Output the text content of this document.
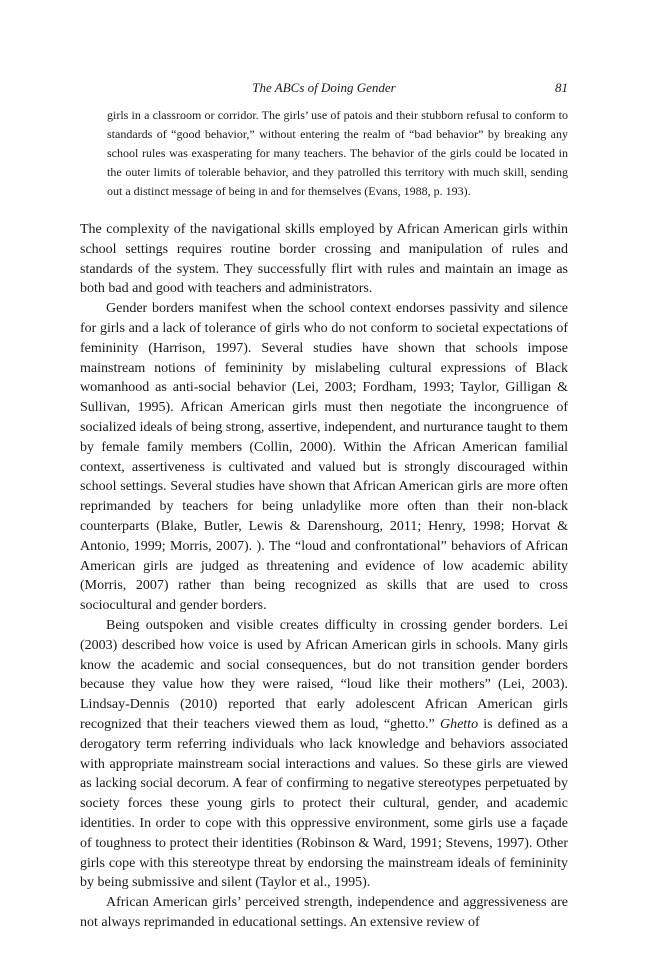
The ABCs of Doing Gender	81
girls in a classroom or corridor. The girls’ use of patois and their stubborn refusal to conform to standards of “good behavior,” without entering the realm of “bad behavior” by breaking any school rules was exasperating for many teachers. The behavior of the girls could be located in the outer limits of tolerable behavior, and they patrolled this territory with much skill, sending out a distinct message of being in and for themselves (Evans, 1988, p. 193).

The complexity of the navigational skills employed by African American girls within school settings requires routine border crossing and manipulation of rules and standards of the system. They successfully flirt with rules and maintain an image as both bad and good with teachers and administrators.

Gender borders manifest when the school context endorses passivity and silence for girls and a lack of tolerance of girls who do not conform to societal expectations of femininity (Harrison, 1997). Several studies have shown that schools impose mainstream notions of femininity by mislabeling cultural expressions of Black womanhood as anti-social behavior (Lei, 2003; Fordham, 1993; Taylor, Gilligan & Sullivan, 1995). African American girls must then negotiate the incongruence of socialized ideals of being strong, assertive, independent, and nurturance taught to them by female family members (Collin, 2000). Within the African American familial context, assertiveness is cultivated and valued but is strongly discouraged within school settings. Several studies have shown that African American girls are more often reprimanded by teachers for being unladylike more often than their non-black counterparts (Blake, Butler, Lewis & Darenshourg, 2011; Henry, 1998; Horvat & Antonio, 1999; Morris, 2007). ). The “loud and confrontational” behaviors of African American girls are judged as threatening and evidence of low academic ability (Morris, 2007) rather than being recognized as skills that are used to cross sociocultural and gender borders.

Being outspoken and visible creates difficulty in crossing gender borders. Lei (2003) described how voice is used by African American girls in schools. Many girls know the academic and social consequences, but do not transition gender borders because they value how they were raised, “loud like their mothers” (Lei, 2003). Lindsay-Dennis (2010) reported that early adolescent African American girls recognized that their teachers viewed them as loud, “ghetto.” Ghetto is defined as a derogatory term referring individuals who lack knowledge and behaviors associated with appropriate mainstream social interactions and values. So these girls are viewed as lacking social decorum. A fear of confirming to negative stereotypes perpetuated by society forces these young girls to protect their cultural, gender, and academic identities. In order to cope with this oppressive environment, some girls use a façade of toughness to protect their identities (Robinson & Ward, 1991; Stevens, 1997). Other girls cope with this stereotype threat by endorsing the mainstream ideals of femininity by being submissive and silent (Taylor et al., 1995).

African American girls’ perceived strength, independence and aggressiveness are not always reprimanded in educational settings. An extensive review of
